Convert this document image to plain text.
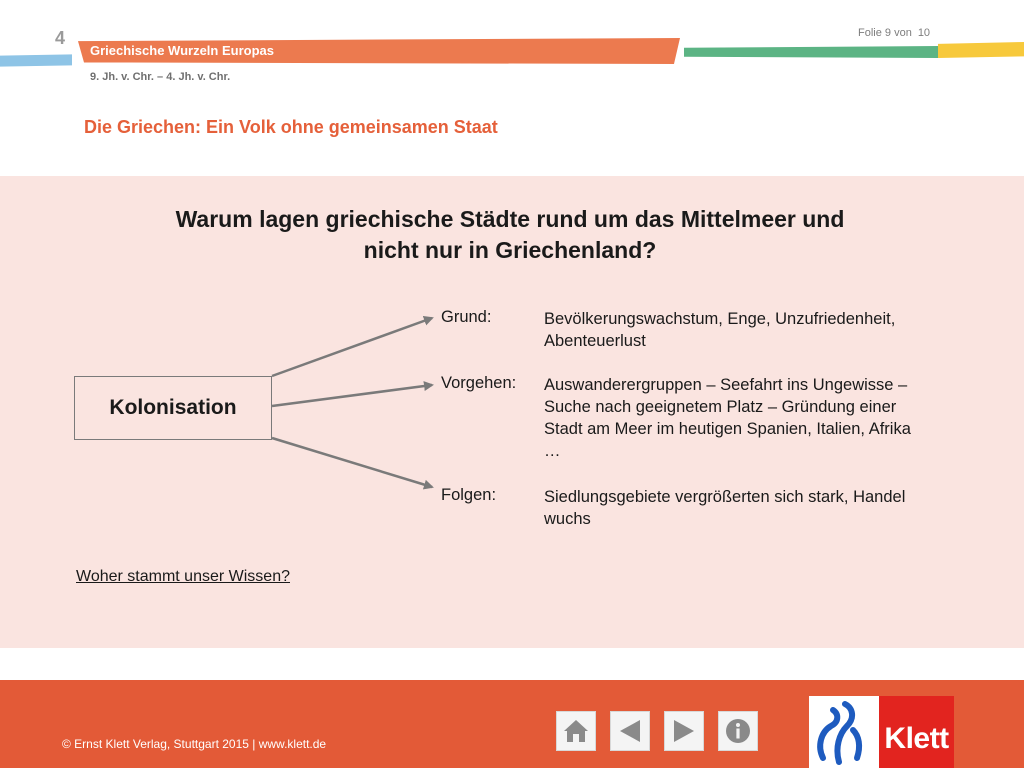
4
Griechische Wurzeln Europas
Folie 9 von 10
9. Jh. v. Chr. – 4. Jh. v. Chr.
Die Griechen: Ein Volk ohne gemeinsamen Staat
Warum lagen griechische Städte rund um das Mittelmeer und
nicht nur in Griechenland?
Kolonisation
Grund:	Bevölkerungswachstum, Enge, Unzufriedenheit,
Abenteuerlust
Vorgehen: Auswanderergruppen – Seefahrt ins Ungewisse –
Suche nach geeignetem Platz – Gründung einer
Stadt am Meer im heutigen Spanien, Italien, Afrika
…
Folgen:	Siedlungsgebiete vergrößerten sich stark, Handel
wuchs
Woher stammt unser Wissen?
© Ernst Klett Verlag, Stuttgart 2015 | www.klett.de	Klett
